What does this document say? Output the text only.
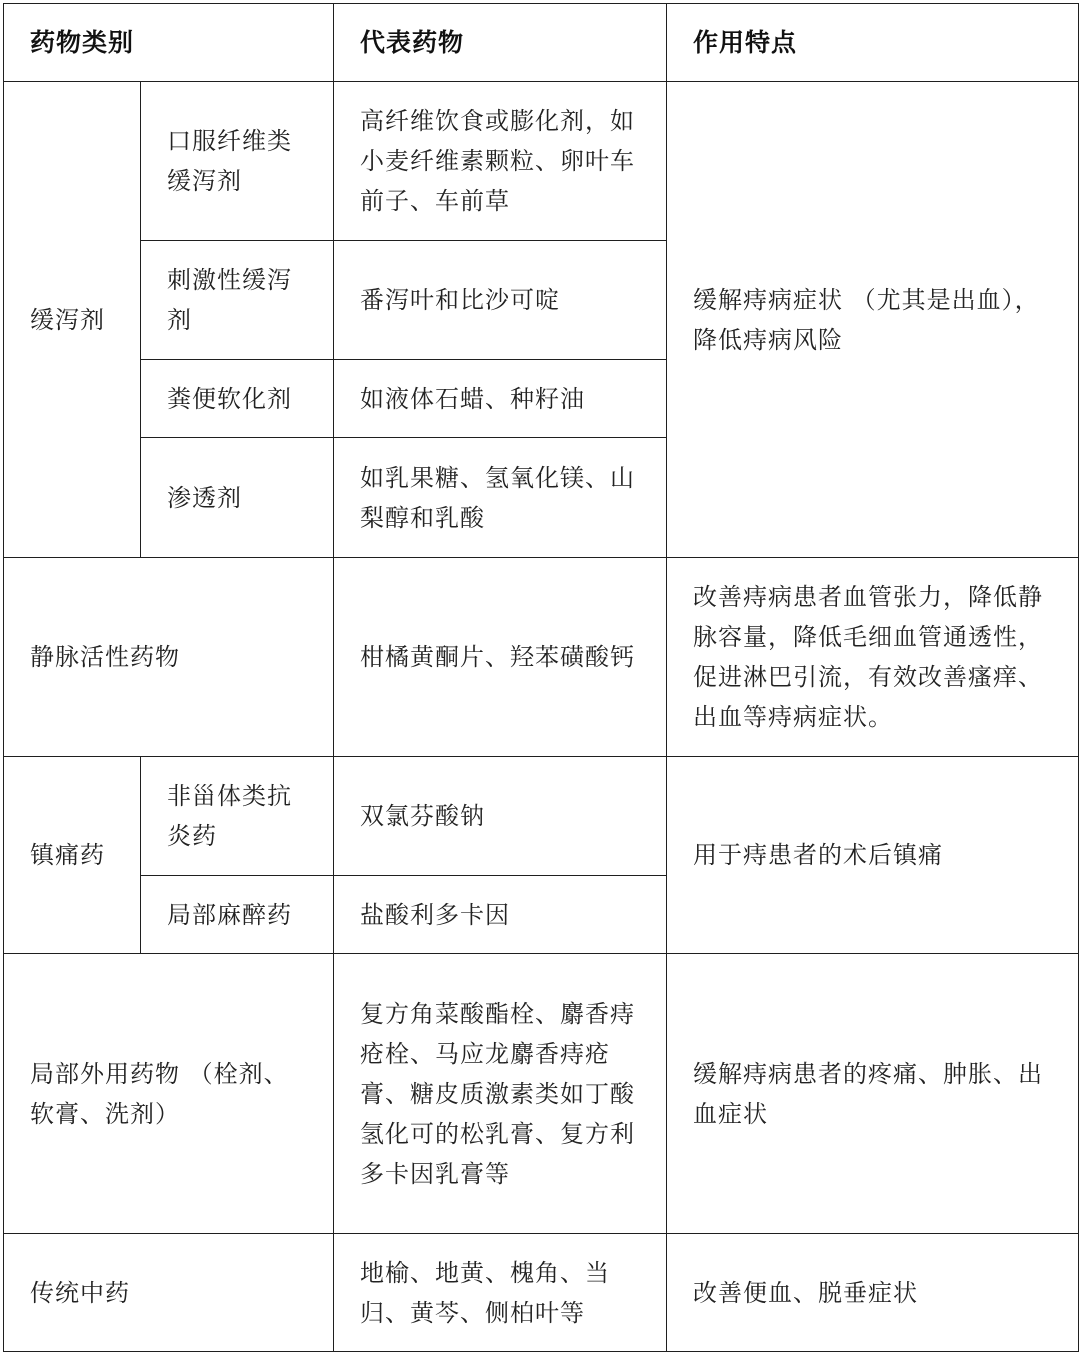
药物类别		代表药物	作用特点
缓泻剂	口服纤维类缓泻剂	高纤维饮食或膨化剂，如小麦纤维素颗粒、卵叶车前子、车前草	缓解痔病症状 （尤其是出血），降低痔病风险
	刺激性缓泻剂	番泻叶和比沙可啶	
	粪便软化剂	如液体石蜡、种籽油	
	渗透剂	如乳果糖、氢氧化镁、山梨醇和乳酸	
静脉活性药物		柑橘黄酮片、羟苯磺酸钙	改善痔病患者血管张力，降低静脉容量，降低毛细血管通透性，促进淋巴引流，有效改善瘙痒、出血等痔病症状。
镇痛药	非甾体类抗炎药	双氯芬酸钠	用于痔患者的术后镇痛
	局部麻醉药	盐酸利多卡因	
局部外用药物 （栓剂、软膏、洗剂）		复方角菜酸酯栓、麝香痔疮栓、马应龙麝香痔疮膏、糖皮质激素类如丁酸氢化可的松乳膏、复方利多卡因乳膏等	缓解痔病患者的疼痛、肿胀、出血症状
传统中药		地榆、地黄、槐角、当归、黄芩、侧柏叶等	改善便血、脱垂症状
